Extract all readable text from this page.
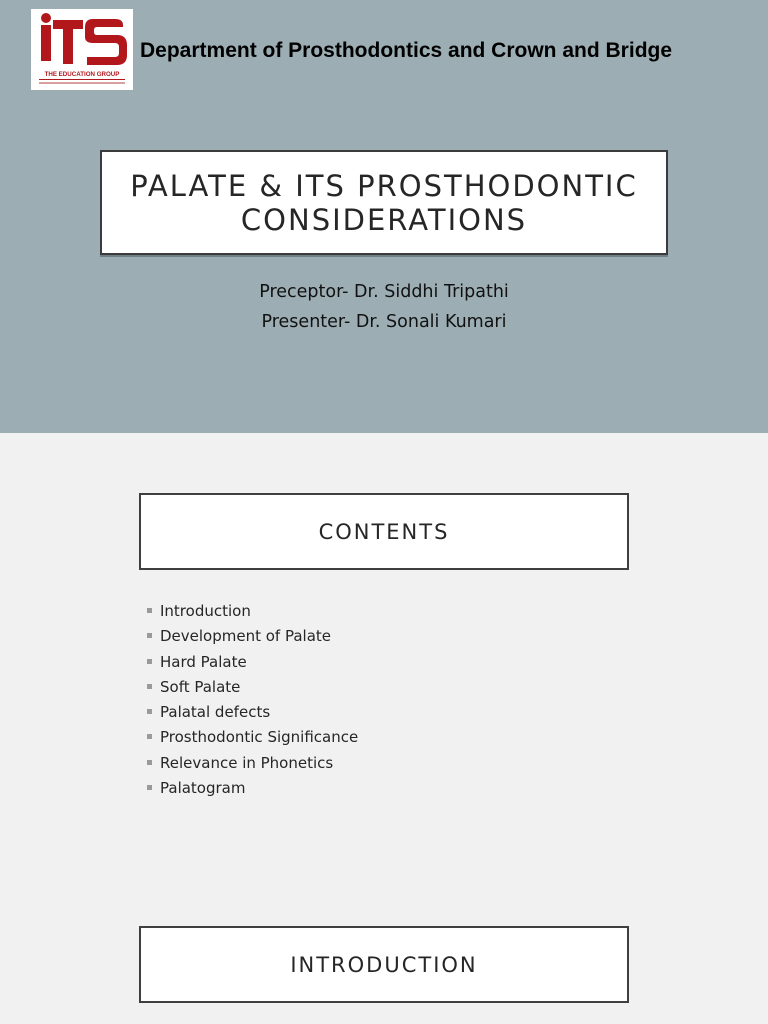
THE EDUCATION GROUP
Department of Prosthodontics and Crown and Bridge
PALATE & ITS PROSTHODONTIC CONSIDERATIONS
Preceptor- Dr. Siddhi Tripathi
Presenter- Dr. Sonali Kumari
CONTENTS
Introduction
Development of Palate
Hard Palate
Soft Palate
Palatal defects
Prosthodontic Significance
Relevance in Phonetics
Palatogram
INTRODUCTION
